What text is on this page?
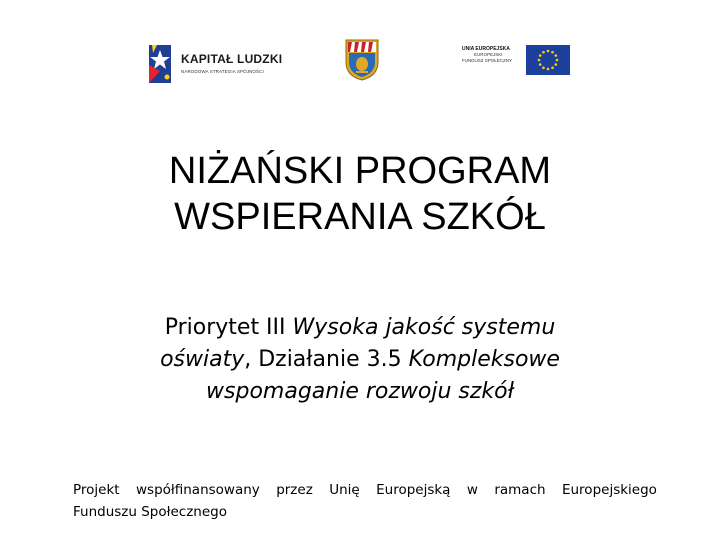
KAPITAŁ LUDZKI
NARODOWA STRATEGIA SPÓJNOŚCI
UNIA EUROPEJSKA
EUROPEJSKI
FUNDUSZ SPOŁECZNY
NIŻAŃSKI PROGRAM
WSPIERANIA SZKÓŁ
Priorytet III Wysoka jakość systemu
oświaty, Działanie 3.5 Kompleksowe
wspomaganie rozwoju szkół
Projekt współfinansowany przez Unię Europejską w ramach Europejskiego
Funduszu Społecznego
